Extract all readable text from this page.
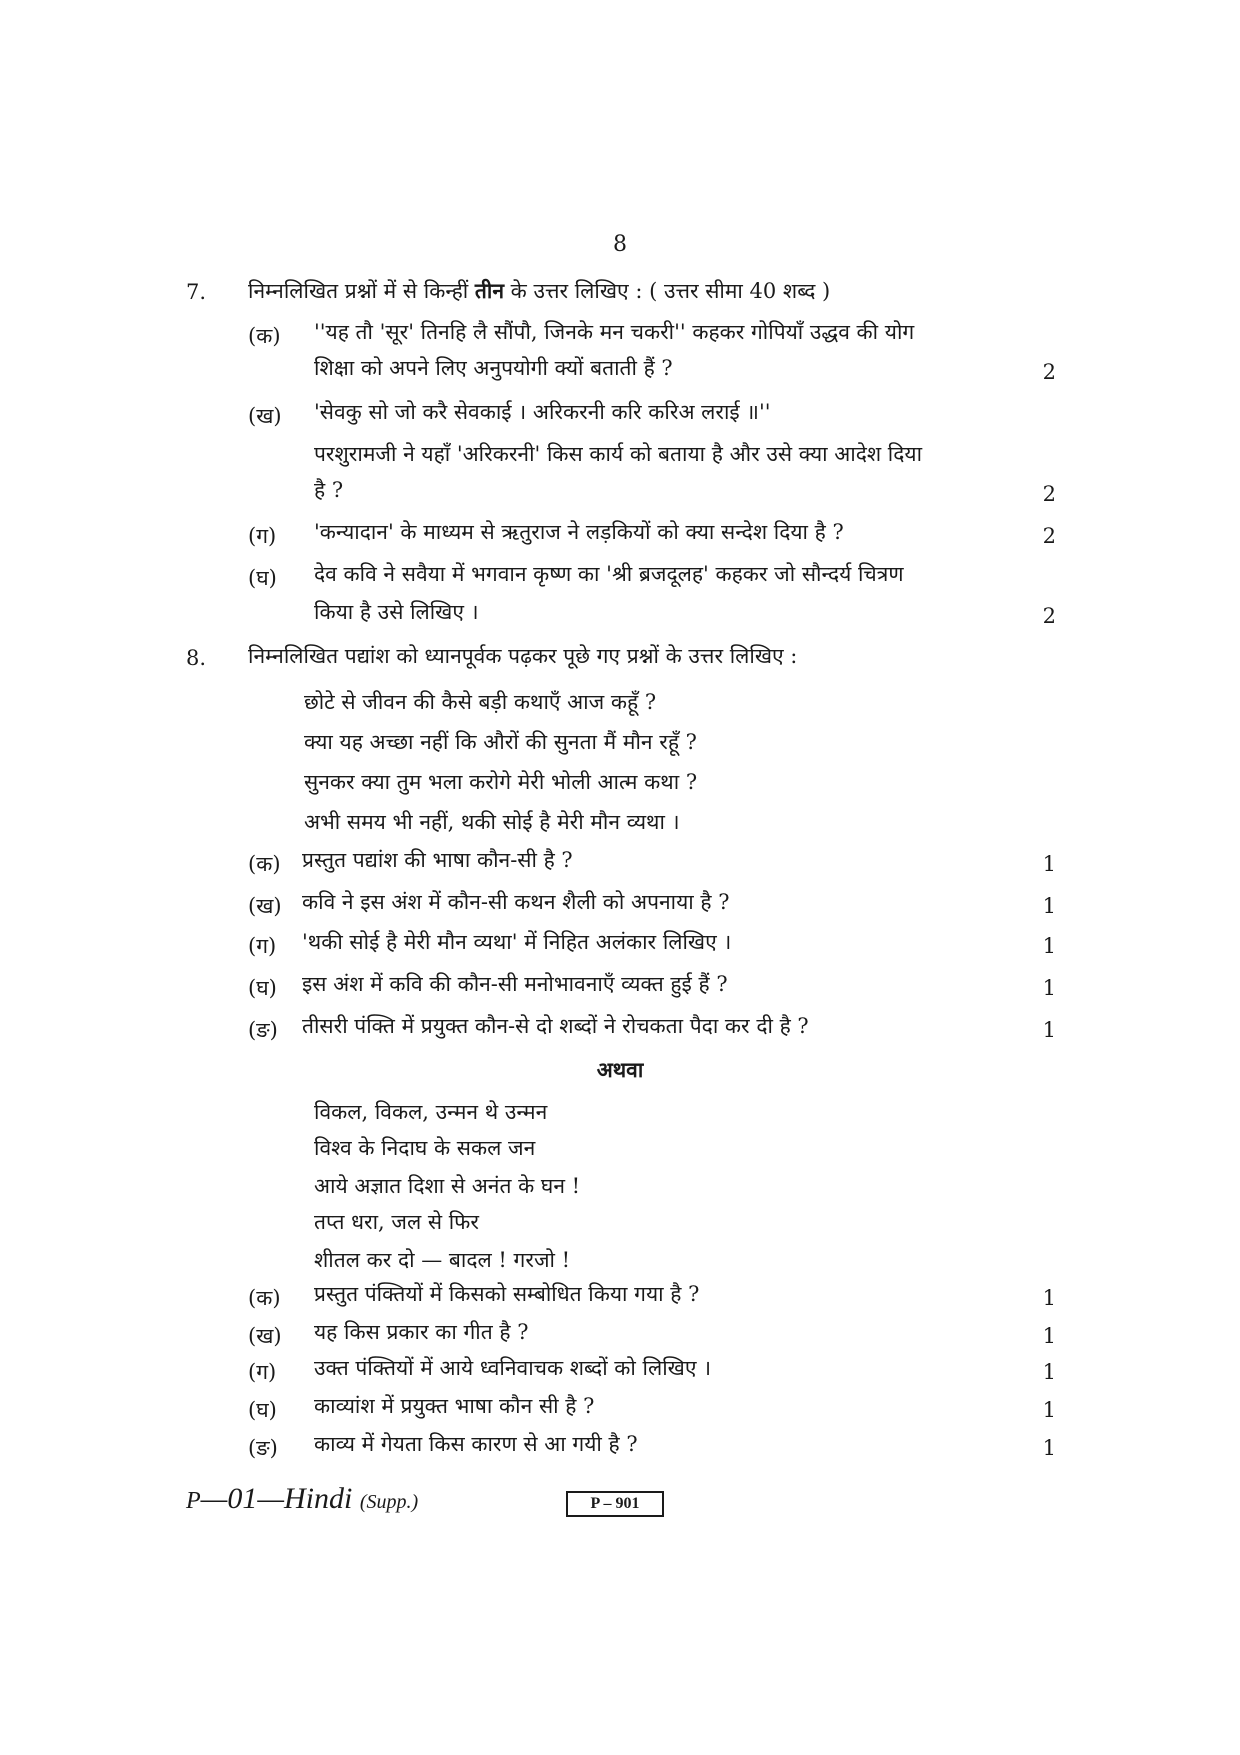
8
7. निम्नलिखित प्रश्नों में से किन्हीं तीन के उत्तर लिखिए : ( उत्तर सीमा 40 शब्द )
(क) ''यह तौ 'सूर' तिनहि लै सौंपौ, जिनके मन चकरी'' कहकर गोपियाँ उद्धव की योग
शिक्षा को अपने लिए अनुपयोगी क्यों बताती हैं ?	2
(ख) 'सेवकु सो जो करै सेवकाई । अरिकरनी करि करिअ लराई ॥''
परशुरामजी ने यहाँ 'अरिकरनी' किस कार्य को बताया है और उसे क्या आदेश दिया
है ?	2
(ग) 'कन्यादान' के माध्यम से ऋतुराज ने लड़कियों को क्या सन्देश दिया है ?	2
(घ) देव कवि ने सवैया में भगवान कृष्ण का 'श्री ब्रजदूलह' कहकर जो सौन्दर्य चित्रण
किया है उसे लिखिए ।	2
8. निम्नलिखित पद्यांश को ध्यानपूर्वक पढ़कर पूछे गए प्रश्नों के उत्तर लिखिए :
छोटे से जीवन की कैसे बड़ी कथाएँ आज कहूँ ?
क्या यह अच्छा नहीं कि औरों की सुनता मैं मौन रहूँ ?
सुनकर क्या तुम भला करोगे मेरी भोली आत्म कथा ?
अभी समय भी नहीं, थकी सोई है मेरी मौन व्यथा ।
(क) प्रस्तुत पद्यांश की भाषा कौन-सी है ?	1
(ख) कवि ने इस अंश में कौन-सी कथन शैली को अपनाया है ?	1
(ग) 'थकी सोई है मेरी मौन व्यथा' में निहित अलंकार लिखिए ।	1
(घ) इस अंश में कवि की कौन-सी मनोभावनाएँ व्यक्त हुई हैं ?	1
(ङ) तीसरी पंक्ति में प्रयुक्त कौन-से दो शब्दों ने रोचकता पैदा कर दी है ?	1
अथवा
विकल, विकल, उन्मन थे उन्मन
विश्व के निदाघ के सकल जन
आये अज्ञात दिशा से अनंत के घन !
तप्त धरा, जल से फिर
शीतल कर दो — बादल ! गरजो !
(क) प्रस्तुत पंक्तियों में किसको सम्बोधित किया गया है ?	1
(ख) यह किस प्रकार का गीत है ?	1
(ग) उक्त पंक्तियों में आये ध्वनिवाचक शब्दों को लिखिए ।	1
(घ) काव्यांश में प्रयुक्त भाषा कौन सी है ?	1
(ङ) काव्य में गेयता किस कारण से आ गयी है ?	1
P—01—Hindi (Supp.)	P – 901
